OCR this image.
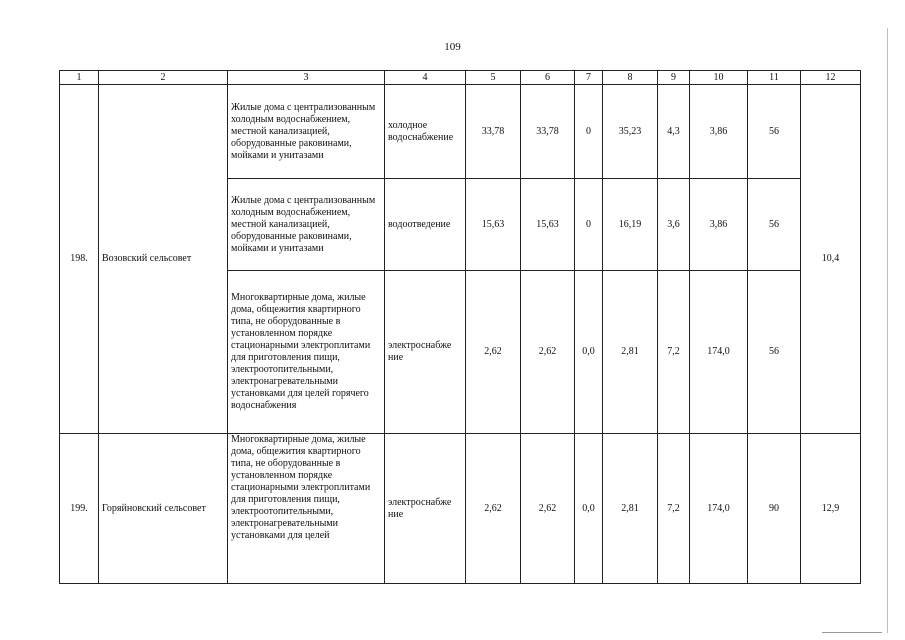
109
1	2	3	4	5	6	7	8	9	10	11	12
198.	Возовский сельсовет	Жилые дома с централизованным холодным водоснабжением, местной канализацией, оборудованные раковинами, мойками и унитазами	холодное водоснабжение	33,78	33,78	0	35,23	4,3	3,86	56	10,4
		Жилые дома с централизованным холодным водоснабжением, местной канализацией, оборудованные раковинами, мойками и унитазами	водоотведение	15,63	15,63	0	16,19	3,6	3,86	56	
		Многоквартирные дома, жилые дома, общежития квартирного типа, не оборудованные в установленном порядке стационарными электроплитами для приготовления пищи, электроотопительными, электронагревательными установками для целей горячего водоснабжения	электроснабже ние	2,62	2,62	0,0	2,81	7,2	174,0	56	
199.	Горяйновский сельсовет	Многоквартирные дома, жилые дома, общежития квартирного типа, не оборудованные в установленном порядке стационарными электроплитами для приготовления пищи, электроотопительными, электронагревательными установками для целей	электроснабже ние	2,62	2,62	0,0	2,81	7,2	174,0	90	12,9
